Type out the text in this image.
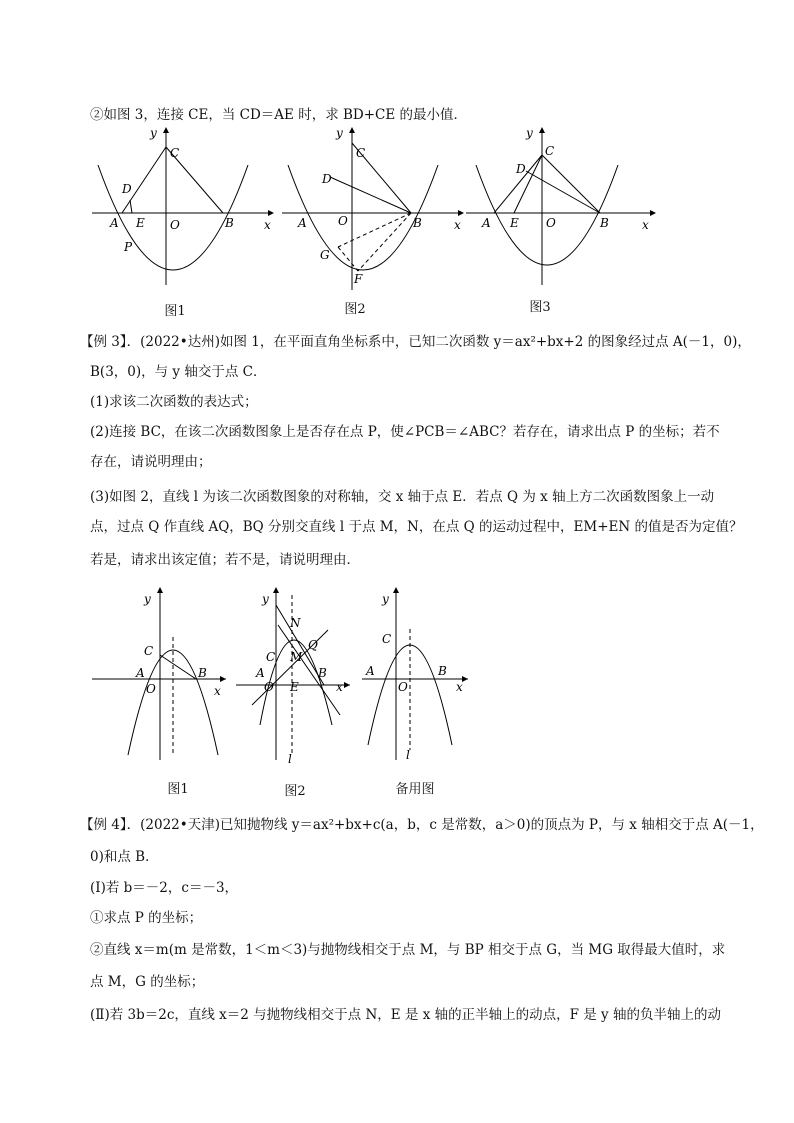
②如图 3，连接 CE，当 CD＝AE 时，求 BD+CE 的最小值．
y
x
C
D
A E O	B
P
y
x
C
D
A	O	B
G
F
y
x
C
D
A E O	B
图1	图2	图3
【例 3】．(2022•达州)如图 1，在平面直角坐标系中，已知二次函数 y＝ax²+bx+2 的图象经过点 A(－1，0)，
B(3，0)，与 y 轴交于点 C．
(1)求该二次函数的表达式；
(2)连接 BC，在该二次函数图象上是否存在点 P，使∠PCB＝∠ABC？若存在，请求出点 P 的坐标；若不
存在，请说明理由；
(3)如图 2，直线 l 为该二次函数图象的对称轴，交 x 轴于点 E．若点 Q 为 x 轴上方二次函数图象上一动
点，过点 Q 作直线 AQ，BQ 分别交直线 l 于点 M，N，在点 Q 的运动过程中，EM+EN 的值是否为定值？
若是，请求出该定值；若不是，请说明理由．
y
x
C
A
O
B
y
x
N
Q
M
C
A	B
O E
l
y
x
C
A
O
B
l
图1	图2	备用图
【例 4】．(2022•天津)已知抛物线 y＝ax²+bx+c(a，b，c 是常数，a＞0)的顶点为 P，与 x 轴相交于点 A(－1，
0)和点 B．
(Ⅰ)若 b＝－2，c＝－3，
①求点 P 的坐标；
②直线 x＝m(m 是常数，1＜m＜3)与抛物线相交于点 M，与 BP 相交于点 G，当 MG 取得最大值时，求
点 M，G 的坐标；
(Ⅱ)若 3b＝2c，直线 x＝2 与抛物线相交于点 N，E 是 x 轴的正半轴上的动点，F 是 y 轴的负半轴上的动
